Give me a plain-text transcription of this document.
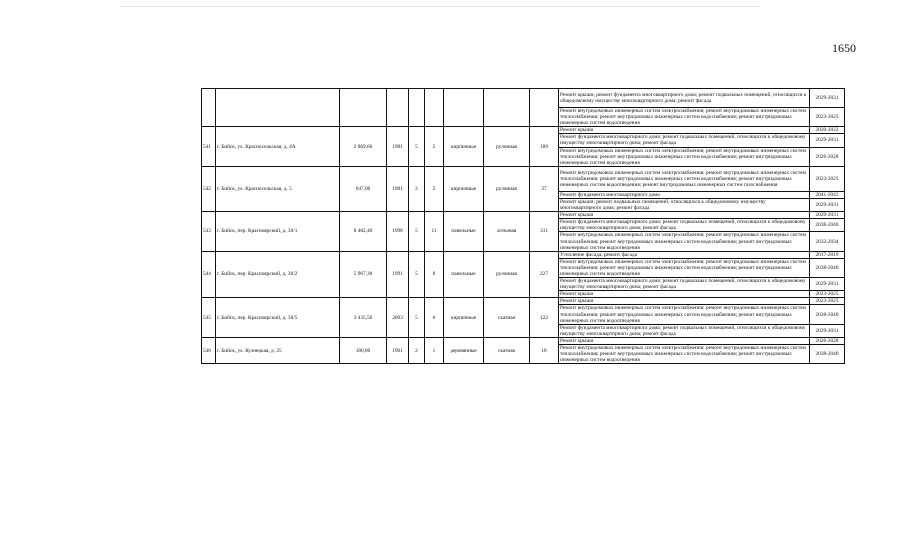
1650
									Ремонт крыши; ремонт фундамента многоквартирного дома; ремонт подвальных помещений, относящихся к общедомовому имуществу многоквартирного дома; ремонт фасада	2029-2031
									Ремонт внутридомовых инженерных систем электроснабжения; ремонт внутридомовых инженерных систем теплоснабжения; ремонт внутридомовых инженерных систем водоснабжения; ремонт внутридомовых инженерных систем водоотведения	2023-2025
541	г. Бийск, ул. Красносельская, д. 4А	2 869,60	1981	5	2	кирпичные	рулонная	189	Ремонт крыши	2020-2022
									Ремонт фундамента многоквартирного дома; ремонт подвальных помещений, относящихся к общедомовому имуществу многоквартирного дома; ремонт фасада	2029-2031
									Ремонт внутридомовых инженерных систем электроснабжения; ремонт внутридомовых инженерных систем теплоснабжения; ремонт внутридомовых инженерных систем водоснабжения; ремонт внутридомовых инженерных систем водоотведения	2026-2028
542	г. Бийск, ул. Красносельская, д. 5	647,00	1981	2	2	кирпичные	рулонная	27	Ремонт внутридомовых инженерных систем электроснабжения; ремонт внутридомовых инженерных систем теплоснабжения; ремонт внутридомовых инженерных систем водоснабжения; ремонт внутридомовых инженерных систем водоотведения; ремонт внутридомовых инженерных систем газоснабжения	2023-2025
									Ремонт фундамента многоквартирного дома	2041-2043
									Ремонт крыши; ремонт подвальных помещений, относящихся к общедомовому имуществу многоквартирного дома; ремонт фасада	2029-2031
543	г. Бийск, пер. Красноярский, д. 30/1	8 482,40	1998	5	11	панельные	лотковая	311	Ремонт крыши	2029-2031
									Ремонт фундамента многоквартирного дома; ремонт подвальных помещений, относящихся к общедомовому имуществу многоквартирного дома; ремонт фасада	2038-2040
									Ремонт внутридомовых инженерных систем электроснабжения; ремонт внутридомовых инженерных систем теплоснабжения; ремонт внутридомовых инженерных систем водоснабжения; ремонт внутридомовых инженерных систем водоотведения	2032-2034
544	г. Бийск, пер. Красноярский, д. 30/2	5 967,30	1991	5	8	панельные	рулонная	227	Утепление фасада; ремонт фасада	2017-2019
									Ремонт внутридомовых инженерных систем электроснабжения; ремонт внутридомовых инженерных систем теплоснабжения; ремонт внутридомовых инженерных систем водоснабжения; ремонт внутридомовых инженерных систем водоотведения	2038-2040
									Ремонт фундамента многоквартирного дома; ремонт подвальных помещений, относящихся к общедомовому имуществу многоквартирного дома; ремонт фасада	2029-2031
									Ремонт крыши	2023-2025
545	г. Бийск, пер. Красноярский, д. 30/5	3 435,50	2003	5	6	кирпичные	скатная	122	Ремонт крыши	2023-2025
									Ремонт внутридомовых инженерных систем электроснабжения; ремонт внутридомовых инженерных систем теплоснабжения; ремонт внутридомовых инженерных систем водоснабжения; ремонт внутридомовых инженерных систем водоотведения	2038-2040
									Ремонт фундамента многоквартирного дома; ремонт подвальных помещений, относящихся к общедомовому имуществу многоквартирного дома; ремонт фасада	2029-2031
546	г. Бийск, ул. Кузнецкая, д. 25	180,80	1961	2	1	деревянные	скатная	18	Ремонт крыши	2026-2028
									Ремонт внутридомовых инженерных систем электроснабжения; ремонт внутридомовых инженерных систем теплоснабжения; ремонт внутридомовых инженерных систем водоснабжения; ремонт внутридомовых инженерных систем водоотведения	2038-2040
